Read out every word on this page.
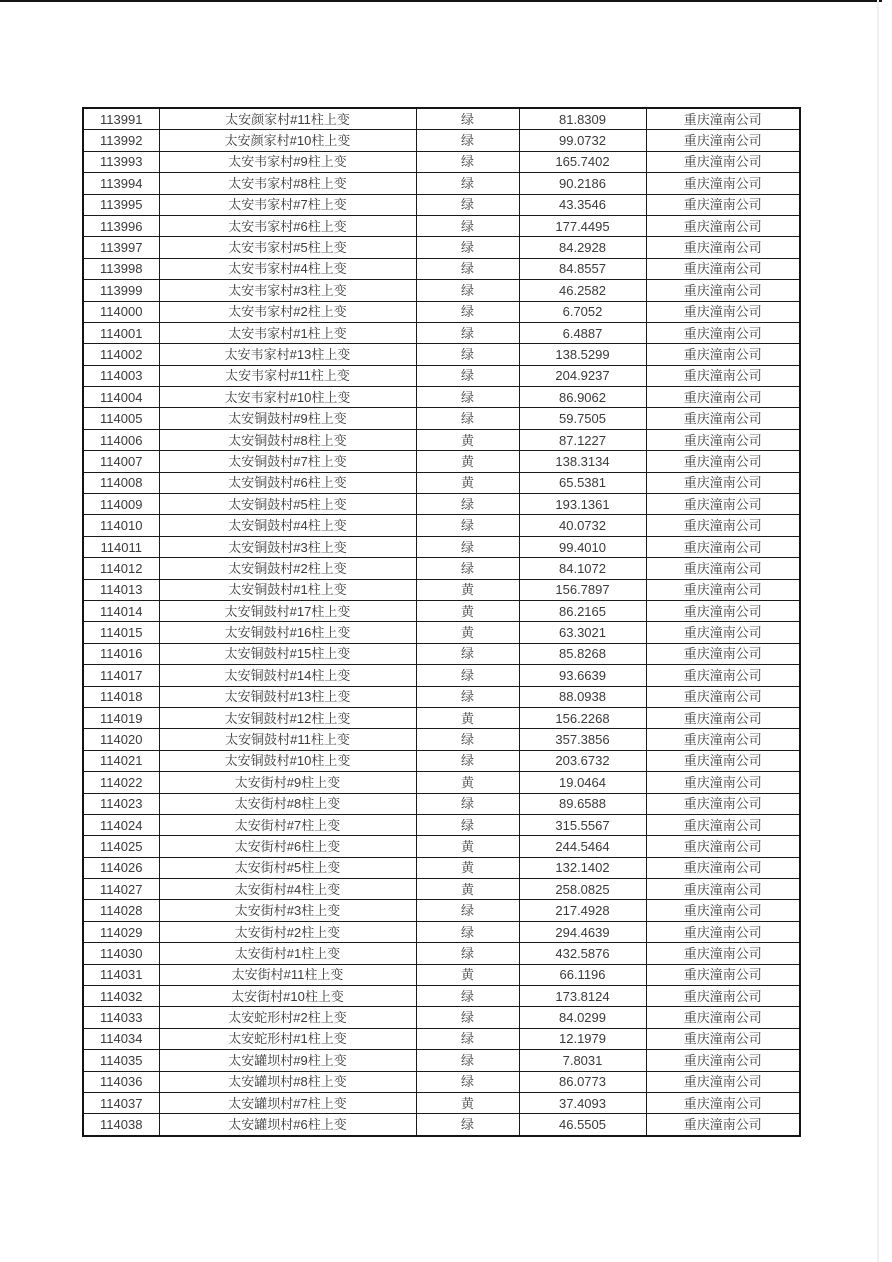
113991	太安颜家村#11柱上变	绿	81.8309	重庆潼南公司
113992	太安颜家村#10柱上变	绿	99.0732	重庆潼南公司
113993	太安韦家村#9柱上变	绿	165.7402	重庆潼南公司
113994	太安韦家村#8柱上变	绿	90.2186	重庆潼南公司
113995	太安韦家村#7柱上变	绿	43.3546	重庆潼南公司
113996	太安韦家村#6柱上变	绿	177.4495	重庆潼南公司
113997	太安韦家村#5柱上变	绿	84.2928	重庆潼南公司
113998	太安韦家村#4柱上变	绿	84.8557	重庆潼南公司
113999	太安韦家村#3柱上变	绿	46.2582	重庆潼南公司
114000	太安韦家村#2柱上变	绿	6.7052	重庆潼南公司
114001	太安韦家村#1柱上变	绿	6.4887	重庆潼南公司
114002	太安韦家村#13柱上变	绿	138.5299	重庆潼南公司
114003	太安韦家村#11柱上变	绿	204.9237	重庆潼南公司
114004	太安韦家村#10柱上变	绿	86.9062	重庆潼南公司
114005	太安铜鼓村#9柱上变	绿	59.7505	重庆潼南公司
114006	太安铜鼓村#8柱上变	黄	87.1227	重庆潼南公司
114007	太安铜鼓村#7柱上变	黄	138.3134	重庆潼南公司
114008	太安铜鼓村#6柱上变	黄	65.5381	重庆潼南公司
114009	太安铜鼓村#5柱上变	绿	193.1361	重庆潼南公司
114010	太安铜鼓村#4柱上变	绿	40.0732	重庆潼南公司
114011	太安铜鼓村#3柱上变	绿	99.4010	重庆潼南公司
114012	太安铜鼓村#2柱上变	绿	84.1072	重庆潼南公司
114013	太安铜鼓村#1柱上变	黄	156.7897	重庆潼南公司
114014	太安铜鼓村#17柱上变	黄	86.2165	重庆潼南公司
114015	太安铜鼓村#16柱上变	黄	63.3021	重庆潼南公司
114016	太安铜鼓村#15柱上变	绿	85.8268	重庆潼南公司
114017	太安铜鼓村#14柱上变	绿	93.6639	重庆潼南公司
114018	太安铜鼓村#13柱上变	绿	88.0938	重庆潼南公司
114019	太安铜鼓村#12柱上变	黄	156.2268	重庆潼南公司
114020	太安铜鼓村#11柱上变	绿	357.3856	重庆潼南公司
114021	太安铜鼓村#10柱上变	绿	203.6732	重庆潼南公司
114022	太安街村#9柱上变	黄	19.0464	重庆潼南公司
114023	太安街村#8柱上变	绿	89.6588	重庆潼南公司
114024	太安街村#7柱上变	绿	315.5567	重庆潼南公司
114025	太安街村#6柱上变	黄	244.5464	重庆潼南公司
114026	太安街村#5柱上变	黄	132.1402	重庆潼南公司
114027	太安街村#4柱上变	黄	258.0825	重庆潼南公司
114028	太安街村#3柱上变	绿	217.4928	重庆潼南公司
114029	太安街村#2柱上变	绿	294.4639	重庆潼南公司
114030	太安街村#1柱上变	绿	432.5876	重庆潼南公司
114031	太安街村#11柱上变	黄	66.1196	重庆潼南公司
114032	太安街村#10柱上变	绿	173.8124	重庆潼南公司
114033	太安蛇形村#2柱上变	绿	84.0299	重庆潼南公司
114034	太安蛇形村#1柱上变	绿	12.1979	重庆潼南公司
114035	太安罐坝村#9柱上变	绿	7.8031	重庆潼南公司
114036	太安罐坝村#8柱上变	绿	86.0773	重庆潼南公司
114037	太安罐坝村#7柱上变	黄	37.4093	重庆潼南公司
114038	太安罐坝村#6柱上变	绿	46.5505	重庆潼南公司
